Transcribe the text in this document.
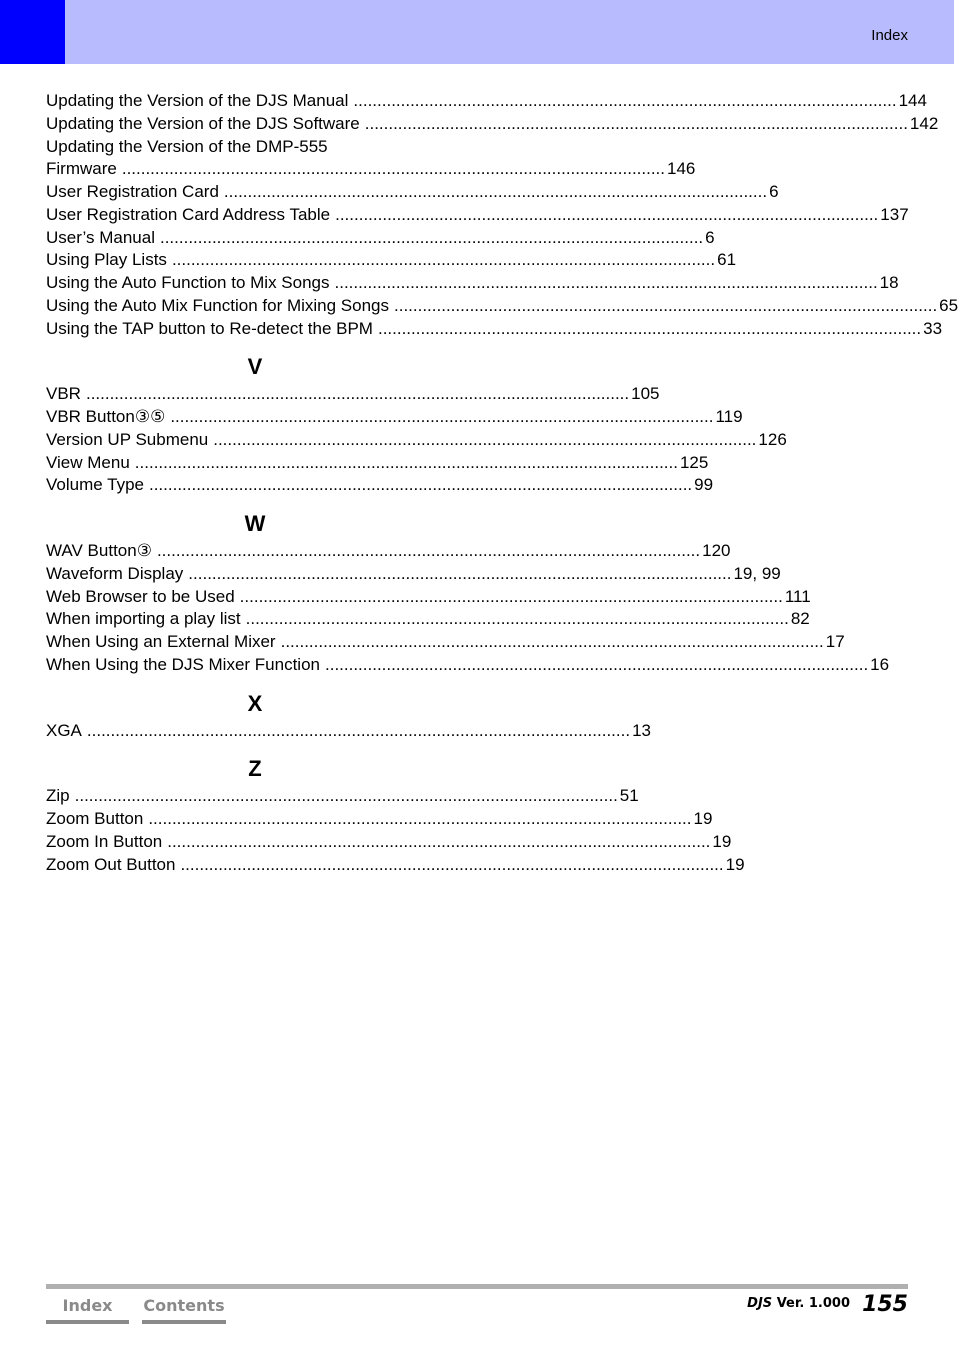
Index
Updating the Version of the DJS Manual ................................................................................................................... 144
Updating the Version of the DJS Software ................................................................................................................... 142
Updating the Version of the DMP-555
Firmware ................................................................................................................... 146
User Registration Card ................................................................................................................... 6
User Registration Card Address Table ................................................................................................................... 137
User’s Manual ................................................................................................................... 6
Using Play Lists ................................................................................................................... 61
Using the Auto Function to Mix Songs ................................................................................................................... 18
Using the Auto Mix Function for Mixing Songs ................................................................................................................... 65
Using the TAP button to Re-detect the BPM ................................................................................................................... 33
V
VBR ................................................................................................................... 105
VBR Button③⑤ ................................................................................................................... 119
Version UP Submenu ................................................................................................................... 126
View Menu ................................................................................................................... 125
Volume Type ................................................................................................................... 99
W
WAV Button③ ................................................................................................................... 120
Waveform Display ................................................................................................................... 19, 99
Web Browser to be Used ................................................................................................................... 111
When importing a play list ................................................................................................................... 82
When Using an External Mixer ................................................................................................................... 17
When Using the DJS Mixer Function ................................................................................................................... 16
X
XGA ................................................................................................................... 13
Z
Zip ................................................................................................................... 51
Zoom Button ................................................................................................................... 19
Zoom In Button ................................................................................................................... 19
Zoom Out Button ................................................................................................................... 19
Index	Contents	DJS Ver. 1.000 155
